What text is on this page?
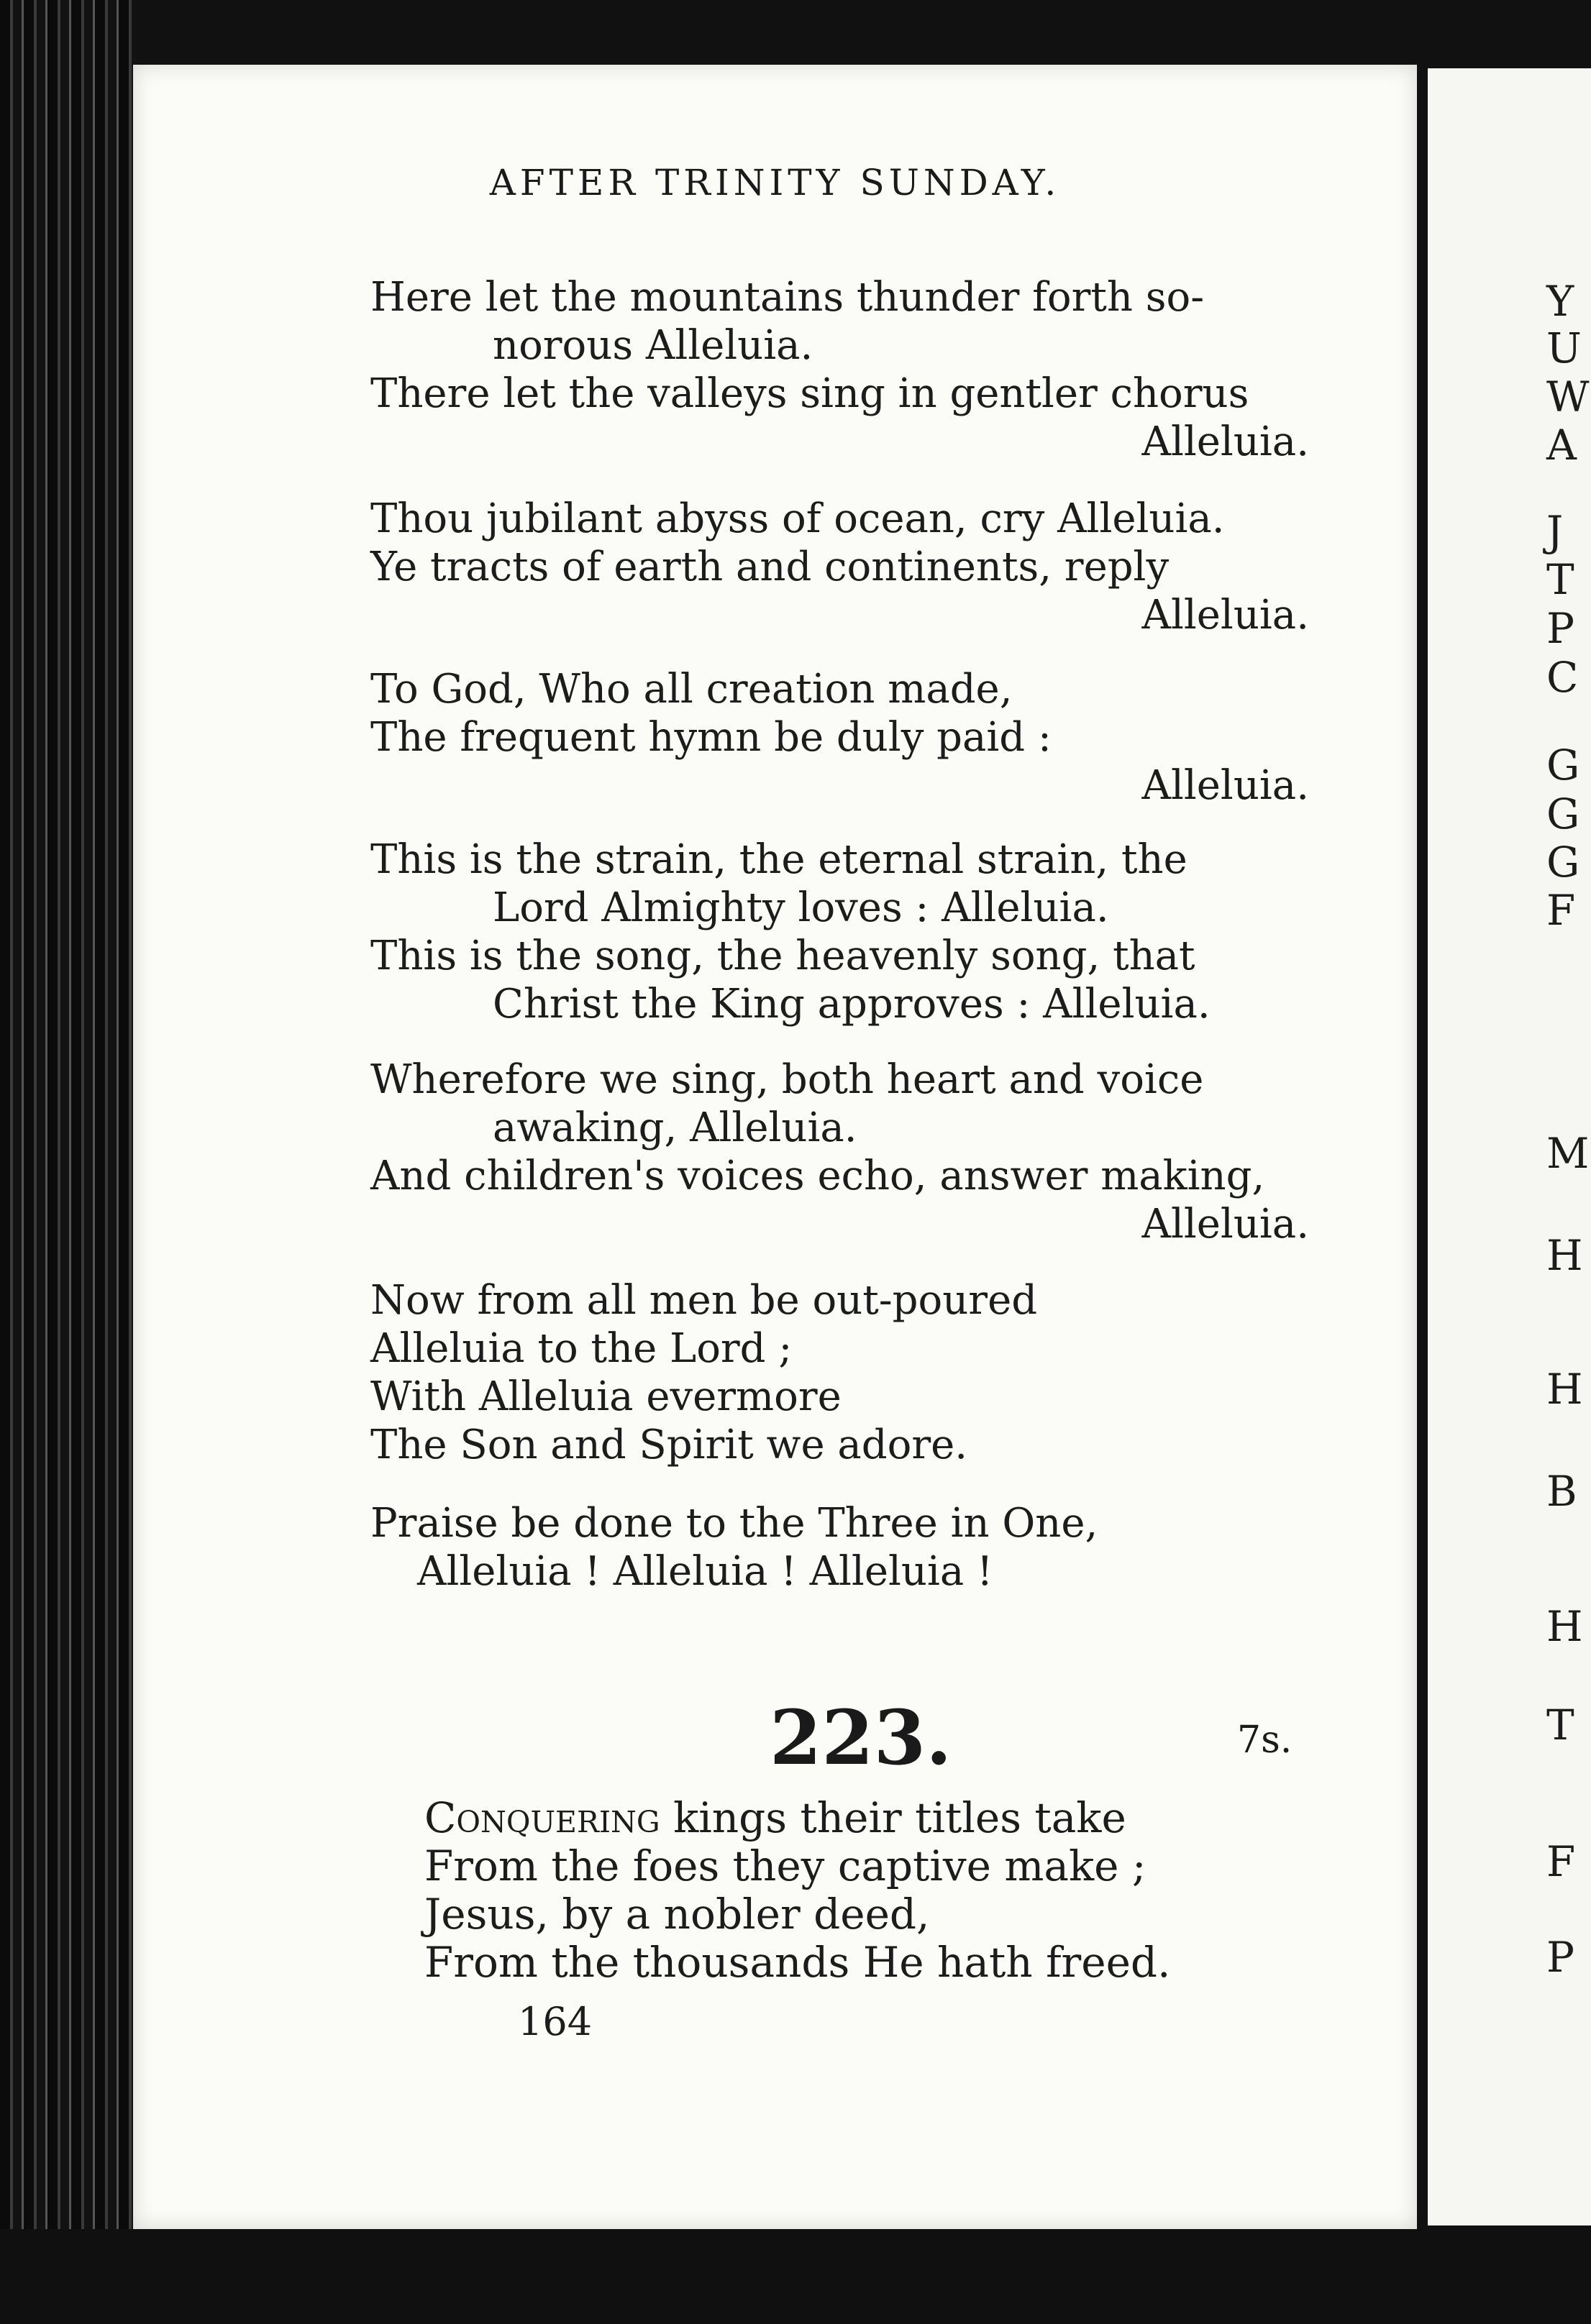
AFTER TRINITY SUNDAY.
Here let the mountains thunder forth so-
norous Alleluia.
There let the valleys sing in gentler chorus
Alleluia.
Thou jubilant abyss of ocean, cry Alleluia.
Ye tracts of earth and continents, reply
Alleluia.
To God, Who all creation made,
The frequent hymn be duly paid :
Alleluia.
This is the strain, the eternal strain, the
Lord Almighty loves : Alleluia.
This is the song, the heavenly song, that
Christ the King approves : Alleluia.
Wherefore we sing, both heart and voice
awaking, Alleluia.
And children's voices echo, answer making,
Alleluia.
Now from all men be out-poured
Alleluia to the Lord ;
With Alleluia evermore
The Son and Spirit we adore.
Praise be done to the Three in One,
Alleluia ! Alleluia ! Alleluia !
223.	7s.
Conquering kings their titles take
From the foes they captive make ;
Jesus, by a nobler deed,
From the thousands He hath freed.
164
Y
U
W
A
J
T
P
C
G
G
G
F
M
H
H
B
H
T
F
P
